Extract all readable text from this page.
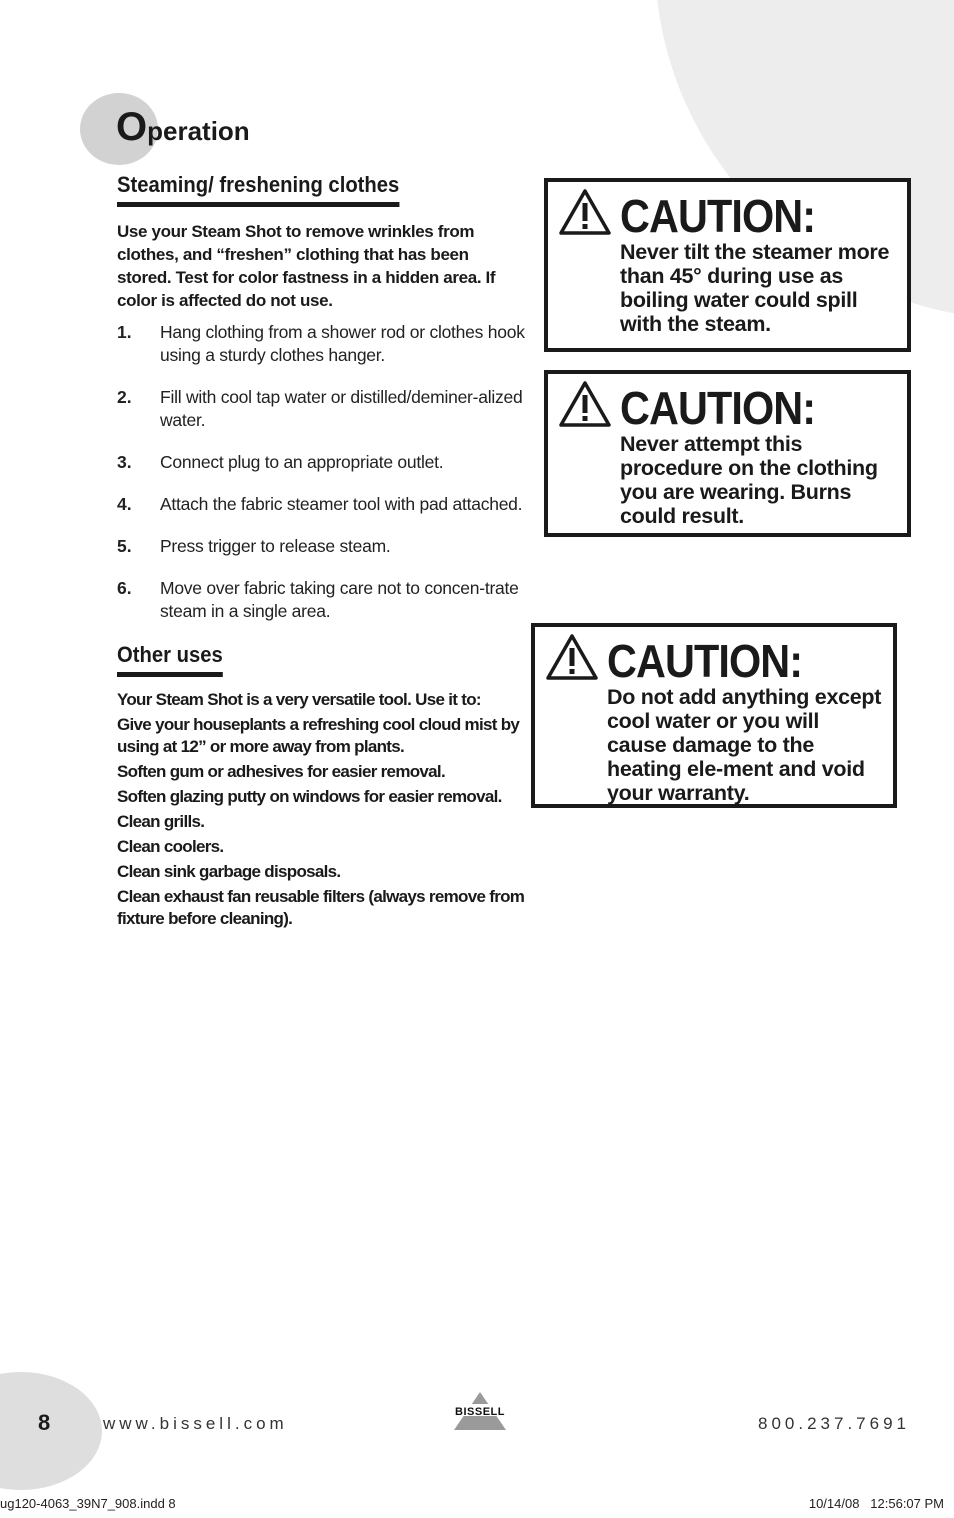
Operation
Steaming/ freshening clothes
Use your Steam Shot to remove wrinkles from clothes, and “freshen” clothing that has been stored. Test for color fastness in a hidden area. If color is affected do not use.
1.	Hang clothing from a shower rod or clothes hook using a sturdy clothes hanger.
2.	Fill with cool tap water or distilled/deminer-alized water.
3.	Connect plug to an appropriate outlet.
4.	Attach the fabric steamer tool with pad attached.
5.	Press trigger to release steam.
6.	Move over fabric taking care not to concen-trate steam in a single area.
Other uses
Your Steam Shot is a very versatile tool. Use it to:
Give your houseplants a refreshing cool cloud mist by using at 12” or more away from plants.
Soften gum or adhesives for easier removal.
Soften glazing putty on windows for easier removal.
Clean grills.
Clean coolers.
Clean sink garbage disposals.
Clean exhaust fan reusable filters (always remove from fixture before cleaning).
CAUTION:
Never tilt the steamer more than 45° during use as boiling water could spill with the steam.
CAUTION:
Never attempt this procedure on the clothing you are wearing. Burns could result.
CAUTION:
Do not add anything except cool water or you will cause damage to the heating ele-ment and void your warranty.
8	www.bissell.com
BISSELL
800.237.7691
ug120-4063_39N7_908.indd 8	10/14/08   12:56:07 PM
